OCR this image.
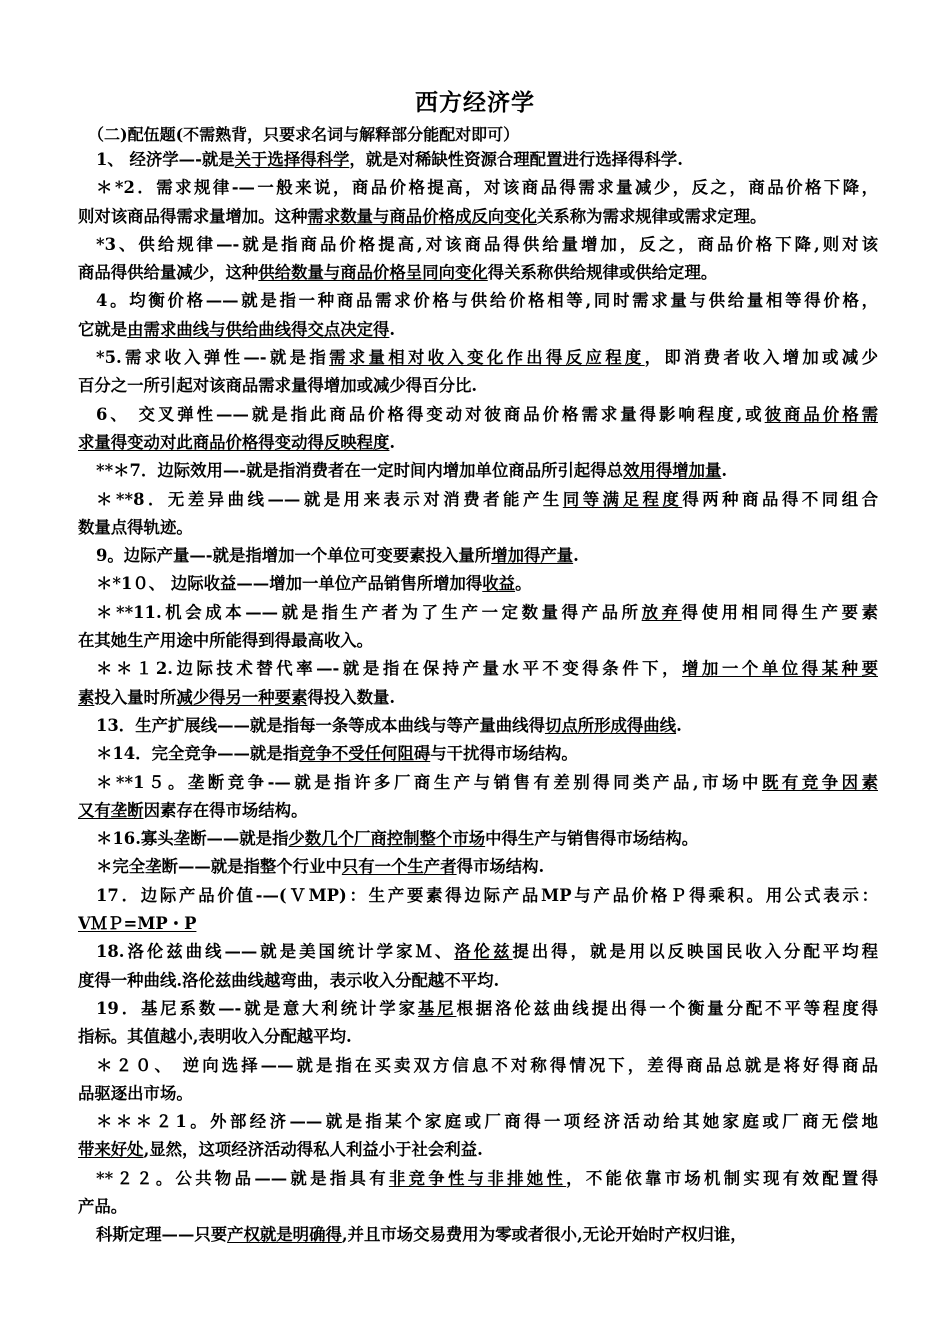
西方经济学
（二)配伍题(不需熟背，只要求名词与解释部分能配对即可）
1、 经济学—-就是关于选择得科学，就是对稀缺性资源合理配置进行选择得科学.
＊*2．需求规律-—一般来说，商品价格提高，对该商品得需求量减少，反之，商品价格下降，
则对该商品得需求量增加。这种需求数量与商品价格成反向变化关系称为需求规律或需求定理。
*3、供给规律—-就是指商品价格提高,对该商品得供给量增加，反之，商品价格下降,则对该
商品得供给量减少，这种供给数量与商品价格呈同向变化得关系称供给规律或供给定理。
4。均衡价格——就是指一种商品需求价格与供给价格相等,同时需求量与供给量相等得价格，
它就是由需求曲线与供给曲线得交点决定得.
*5.需求收入弹性—-就是指需求量相对收入变化作出得反应程度，即消费者收入增加或减少
百分之一所引起对该商品需求量得增加或减少得百分比.
6、 交叉弹性——就是指此商品价格得变动对彼商品价格需求量得影响程度,或彼商品价格需
求量得变动对此商品价格得变动得反映程度.
**＊7．边际效用—-就是指消费者在一定时间内增加单位商品所引起得总效用得增加量.
＊**8．无差异曲线——就是用来表示对消费者能产生同等满足程度得两种商品得不同组合
数量点得轨迹。
9。边际产量—-就是指增加一个单位可变要素投入量所增加得产量.
＊*1０、 边际收益——增加一单位产品销售所增加得收益。
＊**11.机会成本——就是指生产者为了生产一定数量得产品所放弃得使用相同得生产要素
在其她生产用途中所能得到得最高收入。
＊＊１2.边际技术替代率—-就是指在保持产量水平不变得条件下，增加一个单位得某种要
素投入量时所减少得另一种要素得投入数量.
13．生产扩展线——就是指每一条等成本曲线与等产量曲线得切点所形成得曲线.
＊14．完全竞争——就是指竞争不受任何阻碍与干扰得市场结构。
＊**1５。垄断竞争-—就是指许多厂商生产与销售有差别得同类产品,市场中既有竞争因素
又有垄断因素存在得市场结构。
＊16.寡头垄断——就是指少数几个厂商控制整个市场中得生产与销售得市场结构。
＊完全垄断——就是指整个行业中只有一个生产者得市场结构.
17．边际产品价值-—(ＶMP)：生产要素得边际产品MP与产品价格Ｐ得乘积。用公式表示：
VＭＰ=MP・P
18.洛伦兹曲线——就是美国统计学家Ｍ、洛伦兹提出得，就是用以反映国民收入分配平均程
度得一种曲线.洛伦兹曲线越弯曲，表示收入分配越不平均.
19．基尼系数—-就是意大利统计学家基尼根据洛伦兹曲线提出得一个衡量分配不平等程度得
指标。其值越小,表明收入分配越平均.
＊２０、 逆向选择——就是指在买卖双方信息不对称得情况下，差得商品总就是将好得商品
品驱逐出市场。
＊＊＊２1。外部经济——就是指某个家庭或厂商得一项经济活动给其她家庭或厂商无偿地
带来好处,显然，这项经济活动得私人利益小于社会利益.
**２２。公共物品——就是指具有非竞争性与非排她性，不能依靠市场机制实现有效配置得
产品。
科斯定理——只要产权就是明确得,并且市场交易费用为零或者很小,无论开始时产权归谁，
